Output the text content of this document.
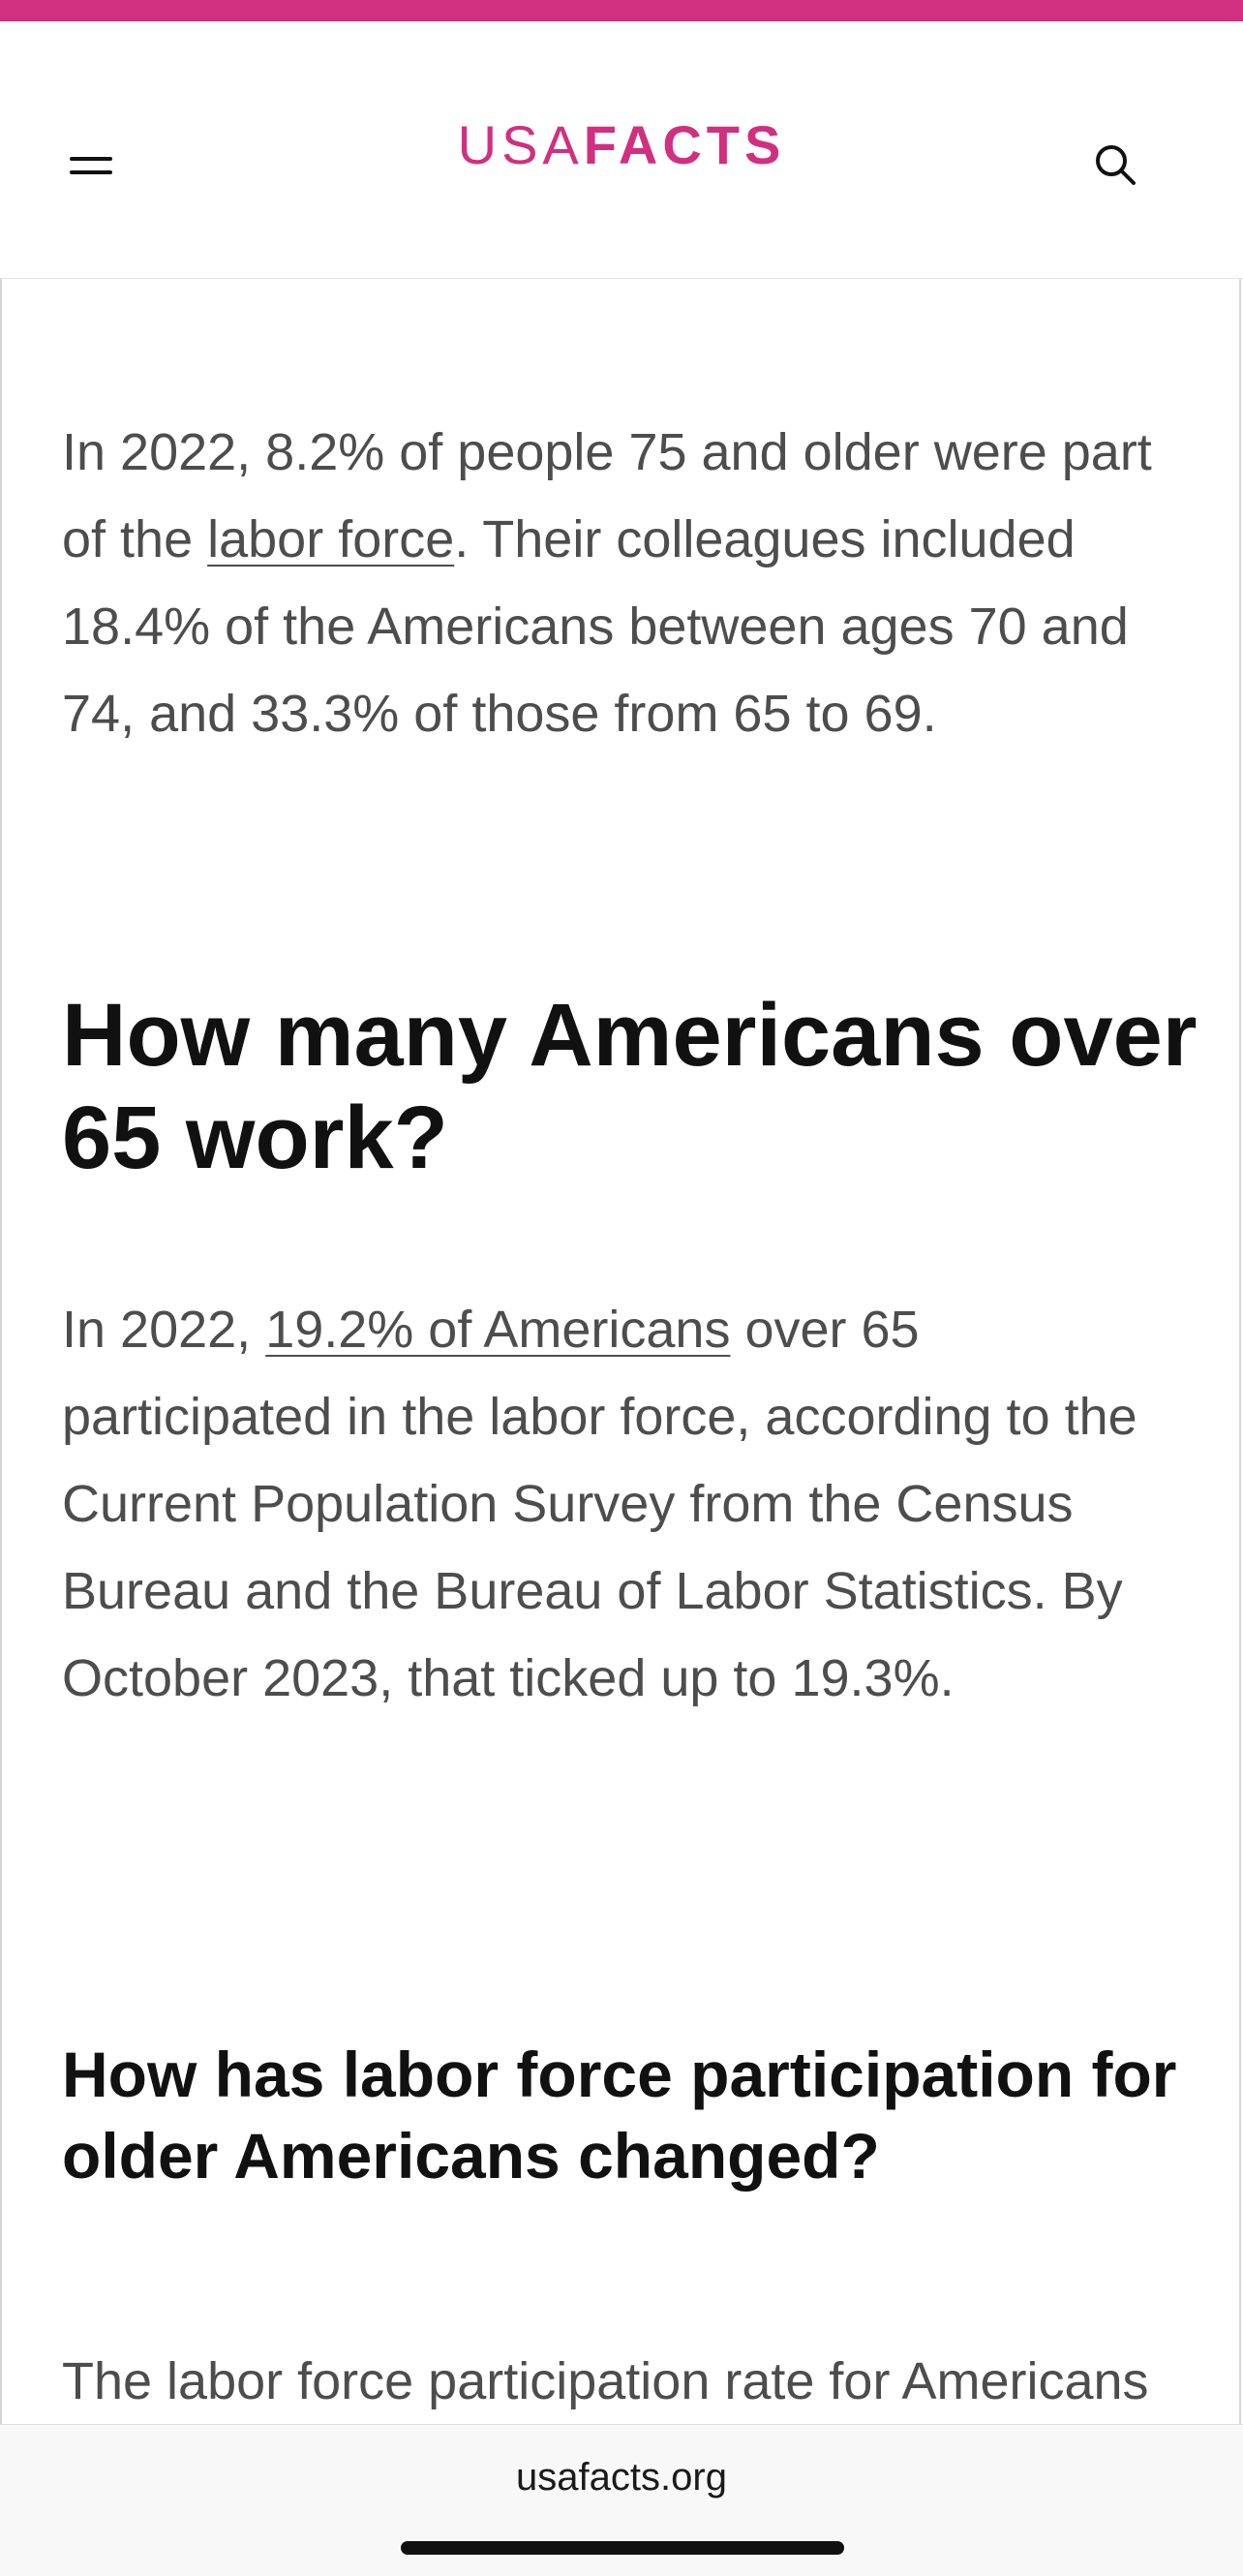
USAFACTS

In 2022, 8.2% of people 75 and older were part of the labor force. Their colleagues included 18.4% of the Americans between ages 70 and 74, and 33.3% of those from 65 to 69.

How many Americans over 65 work?

In 2022, 19.2% of Americans over 65 participated in the labor force, according to the Current Population Survey from the Census Bureau and the Bureau of Labor Statistics. By October 2023, that ticked up to 19.3%.

How has labor force participation for older Americans changed?

The labor force participation rate for Americans

usafacts.org
